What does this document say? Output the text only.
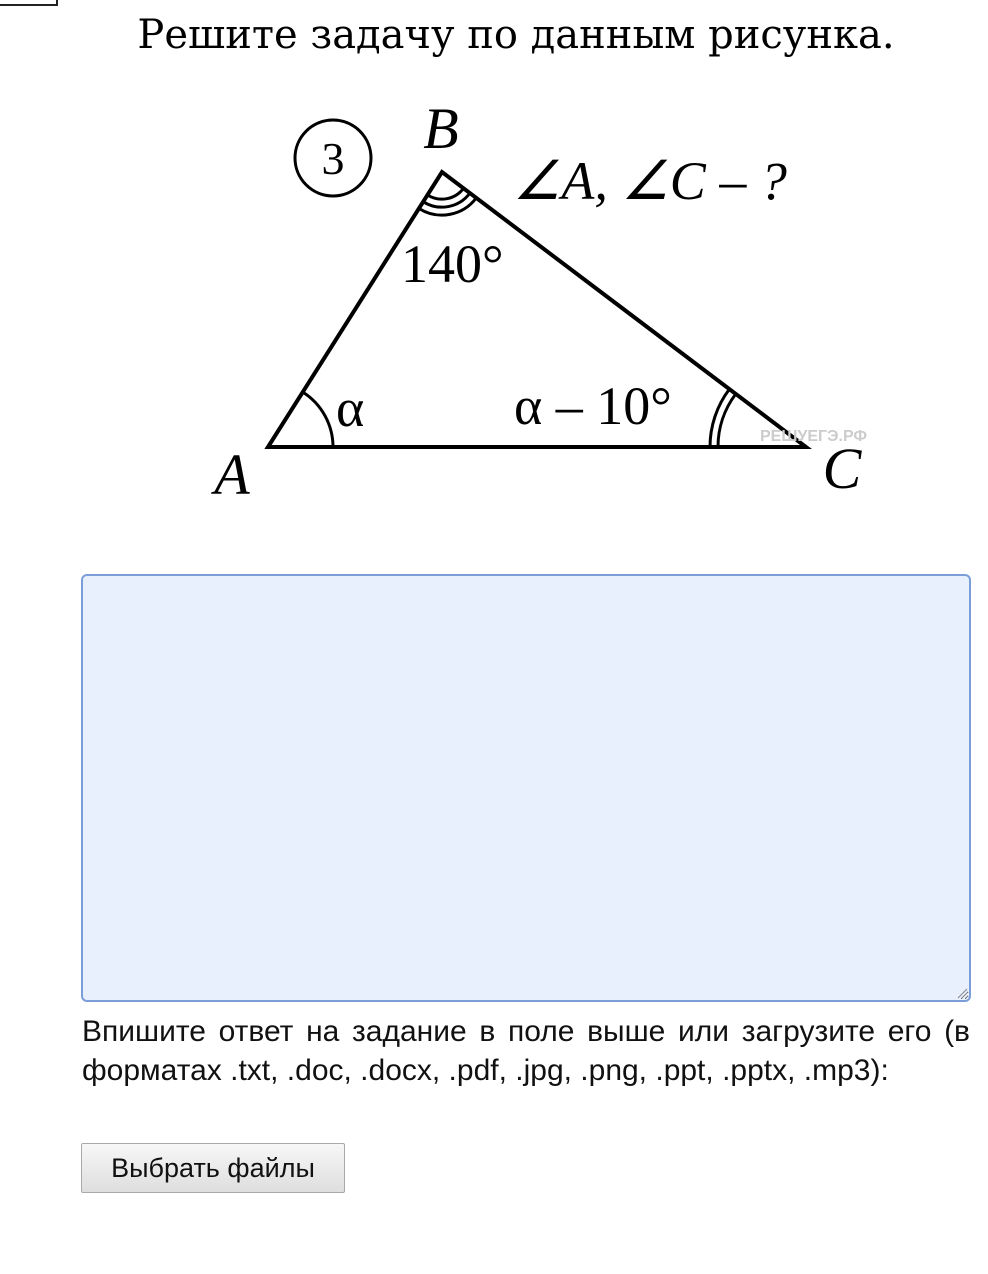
Решите задачу по данным рисунка.
3 B
A	C
∠A, ∠C – ?
140°
α	α – 10°
РЕШУЕГЭ.РФ
Впишите ответ на задание в поле выше или загрузите его (в форматах .txt, .doc, .docx, .pdf, .jpg, .png, .ppt, .pptx, .mp3):
Выбрать файлы
